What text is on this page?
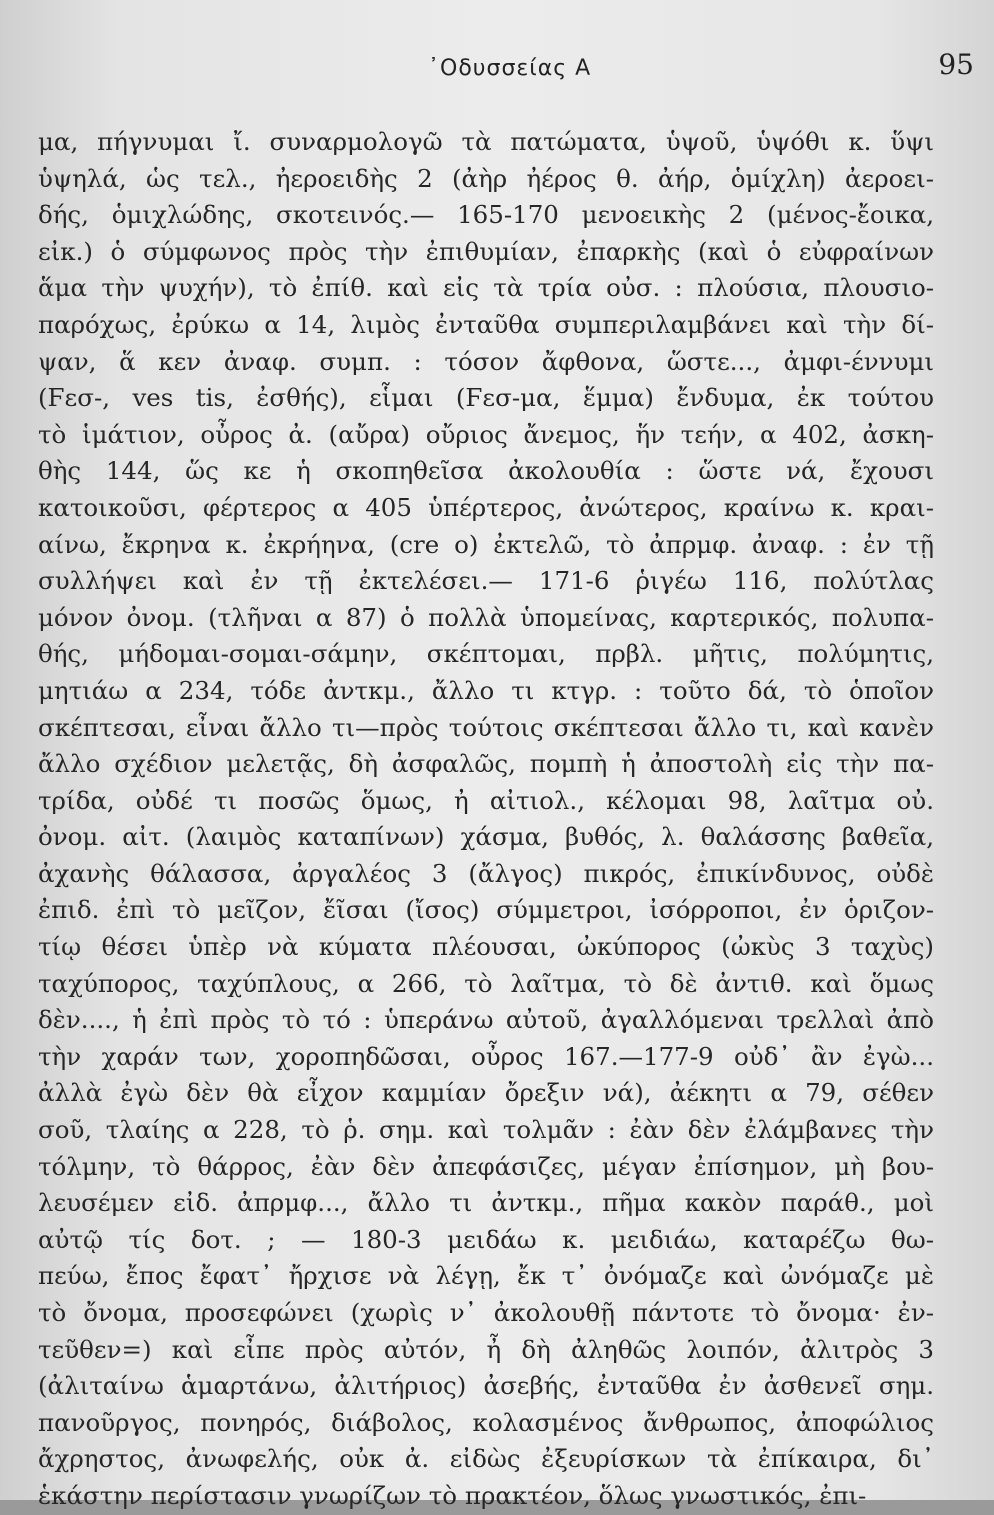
᾽Οδυσσείας Α	95
μα, πήγνυμαι ἴ. συναρμολογῶ τὰ πατώματα, ὑψοῦ, ὑψόθι κ. ὕψι
ὑψηλά, ὡς τελ., ἠεροειδὴς 2 (ἀὴρ ἠέρος θ. ἀήρ, ὁμίχλη) ἀεροει-
δής, ὁμιχλώδης, σκοτεινός.— 165-170 μενοεικὴς 2 (μένος-ἔοικα,
εἰκ.) ὁ σύμφωνος πρὸς τὴν ἐπιθυμίαν, ἐπαρκὴς (καὶ ὁ εὐφραίνων
ἅμα τὴν ψυχήν), τὸ ἐπίθ. καὶ εἰς τὰ τρία οὐσ. : πλούσια, πλουσιο-
παρόχως, ἐρύκω α 14, λιμὸς ἐνταῦθα συμπεριλαμβάνει καὶ τὴν δί-
ψαν, ἅ κεν ἀναφ. συμπ. : τόσον ἄφθονα, ὥστε..., ἀμφι-έννυμι
(Ϝεσ-, ves tis, ἐσθής), εἷμαι (Ϝεσ-μα, ἕμμα) ἔνδυμα, ἐκ τούτου
τὸ ἱμάτιον, οὖρος ἀ. (αὔρα) οὔριος ἄνεμος, ἥν τεήν, α 402, ἀσκη-
θὴς 144, ὥς κε ἡ σκοπηθεῖσα ἀκολουθία : ὥστε νά, ἔχουσι
κατοικοῦσι, φέρτερος α 405 ὑπέρτερος, ἀνώτερος, κραίνω κ. κραι-
αίνω, ἔκρηνα κ. ἐκρήηνα, (cre o) ἐκτελῶ, τὸ ἀπρμφ. ἀναφ. : ἐν τῇ
συλλήψει καὶ ἐν τῇ ἐκτελέσει.— 171-6 ῥιγέω 116, πολύτλας
μόνον ὀνομ. (τλῆναι α 87) ὁ πολλὰ ὑπομείνας, καρτερικός, πολυπα-
θής, μήδομαι-σομαι-σάμην, σκέπτομαι, πρβλ. μῆτις, πολύμητις,
μητιάω α 234, τόδε ἀντκμ., ἄλλο τι κτγρ. : τοῦτο δά, τὸ ὁποῖον
σκέπτεσαι, εἶναι ἄλλο τι—πρὸς τούτοις σκέπτεσαι ἄλλο τι, καὶ κανὲν
ἄλλο σχέδιον μελετᾷς, δὴ ἀσφαλῶς, πομπὴ ἡ ἀποστολὴ εἰς τὴν πα-
τρίδα, οὐδέ τι ποσῶς ὅμως, ἠ αἰτιολ., κέλομαι 98, λαῖτμα οὐ.
ὀνομ. αἰτ. (λαιμὸς καταπίνων) χάσμα, βυθός, λ. θαλάσσης βαθεῖα,
ἀχανὴς θάλασσα, ἀργαλέος 3 (ἄλγος) πικρός, ἐπικίνδυνος, οὐδὲ
ἐπιδ. ἐπὶ τὸ μεῖζον, ἔῖσαι (ἴσος) σύμμετροι, ἰσόρροποι, ἐν ὁριζον-
τίῳ θέσει ὑπὲρ νὰ κύματα πλέουσαι, ὠκύπορος (ὠκὺς 3 ταχὺς)
ταχύπορος, ταχύπλους, α 266, τὸ λαῖτμα, τὸ δὲ ἀντιθ. καὶ ὅμως
δὲν...., ἡ ἐπὶ πρὸς τὸ τό : ὑπεράνω αὐτοῦ, ἀγαλλόμεναι τρελλαὶ ἀπὸ
τὴν χαράν των, χοροπηδῶσαι, οὖρος 167.—177-9 οὐδ᾽ ἂν ἐγὼ...
ἀλλὰ ἐγὼ δὲν θὰ εἶχον καμμίαν ὄρεξιν νά), ἀέκητι α 79, σέθεν
σοῦ, τλαίης α 228, τὸ ῥ. σημ. καὶ τολμᾶν : ἐὰν δὲν ἐλάμβανες τὴν
τόλμην, τὸ θάρρος, ἐὰν δὲν ἀπεφάσιζες, μέγαν ἐπίσημον, μὴ βου-
λευσέμεν εἰδ. ἀπρμφ..., ἄλλο τι ἀντκμ., πῆμα κακὸν παράθ., μοὶ
αὐτῷ τίς δοτ. ; — 180-3 μειδάω κ. μειδιάω, καταρέζω θω-
πεύω, ἔπος ἔφατ᾽ ἤρχισε νὰ λέγῃ, ἔκ τ᾽ ὀνόμαζε καὶ ὠνόμαζε μὲ
τὸ ὄνομα, προσεφώνει (χωρὶς ν᾽ ἀκολουθῇ πάντοτε τὸ ὄνομα· ἐν-
τεῦθεν=) καὶ εἶπε πρὸς αὐτόν, ἦ δὴ ἀληθῶς λοιπόν, ἀλιτρὸς 3
(ἀλιταίνω ἁμαρτάνω, ἀλιτήριος) ἀσεβής, ἐνταῦθα ἐν ἀσθενεῖ σημ.
πανοῦργος, πονηρός, διάβολος, κολασμένος ἄνθρωπος, ἀποφώλιος
ἄχρηστος, ἀνωφελής, οὐκ ἀ. εἰδὼς ἐξευρίσκων τὰ ἐπίκαιρα, δι᾽
ἑκάστην περίστασιν γνωρίζων τὸ πρακτέον, ὅλως γνωστικός, ἐπι-
